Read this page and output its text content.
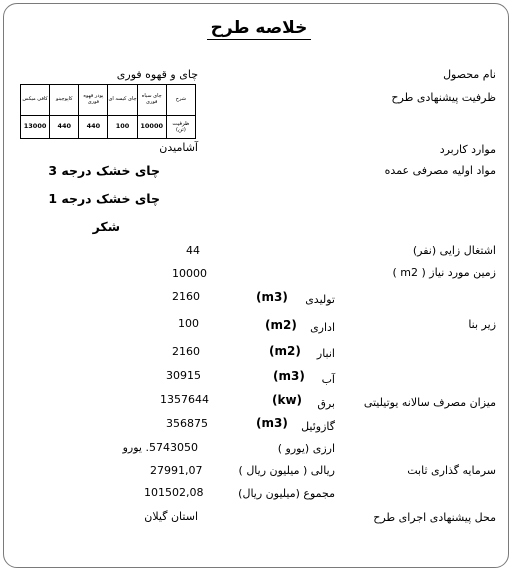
خلاصه طرح
نام محصول
چای و قهوه فوری
ظرفیت پیشنهادی طرح
کافی میکس	کاپوچینو	پودر قهوه فوری	چای کیسه ای	چای سیاه فوری	شرح
13000	440	440	100	10000	ظرفیت (تن)
موارد کاربرد
آشامیدن
مواد اولیه مصرفی عمده
چای خشک درجه 3
چای خشک درجه 1
شکر
اشتغال زایی (نفر)
44
زمین مورد نیاز ( m2 )
10000
زیر بنا
تولیدی
(m3)
2160
اداری
(m2)
100
انبار
(m2)
2160
میزان مصرف سالانه یوتیلیتی
آب
(m3)
30915
برق
(kw)
1357644
گازوئیل
(m3)
356875
سرمایه گذاری ثابت
ارزی (یورو )
5743050. یورو
ریالی ( میلیون ریال )
27991,07
مجموع (میلیون ریال)
101502,08
محل پیشنهادی اجرای طرح
استان گیلان
